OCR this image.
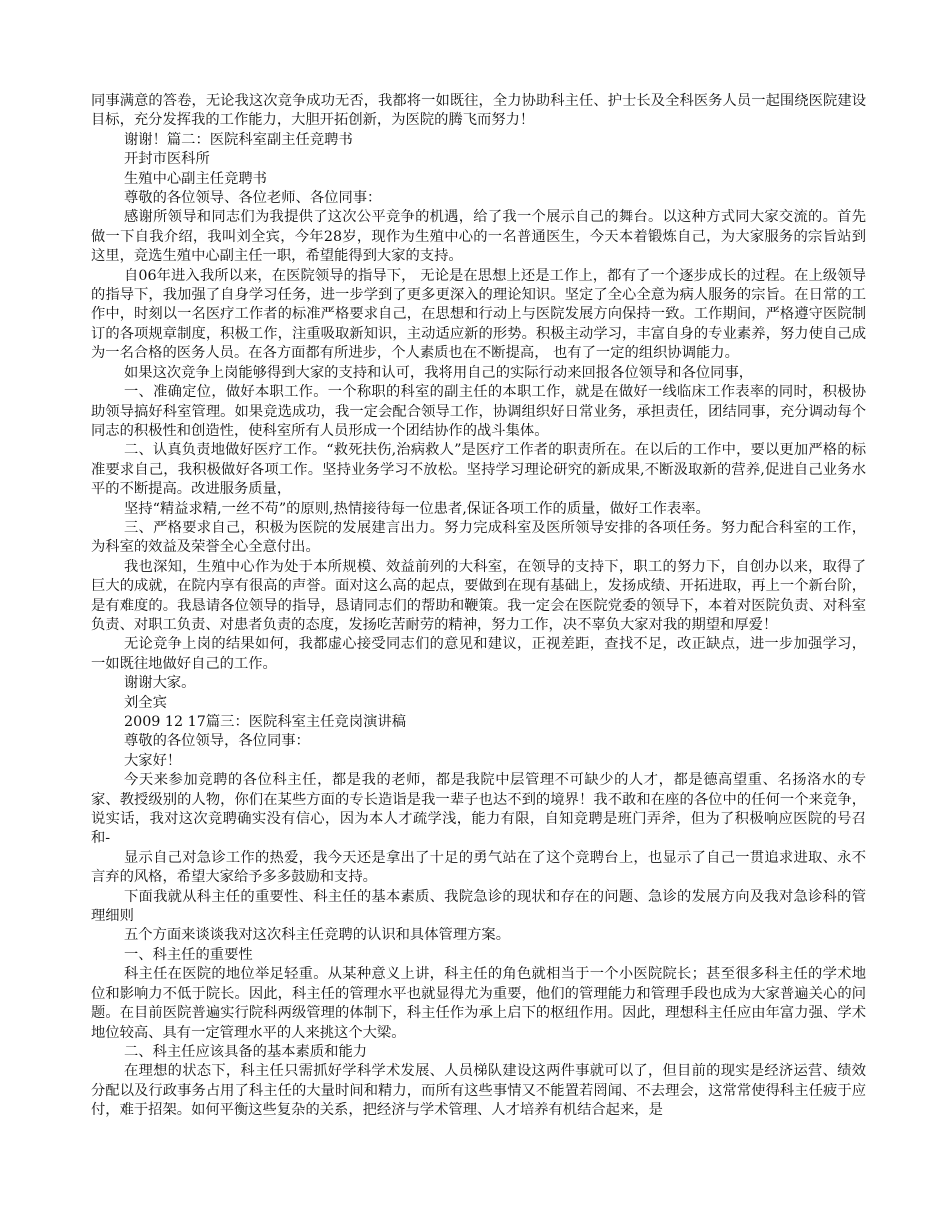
同事满意的答卷，无论我这次竞争成功无否，我都将一如既往，全力协助科主任、护士长及全科医务人员一起围绕医院建设目标，充分发挥我的工作能力，大胆开拓创新，为医院的腾飞而努力！

谢谢！篇二：医院科室副主任竞聘书

开封市医科所

生殖中心副主任竞聘书

尊敬的各位领导、各位老师、各位同事：

感谢所领导和同志们为我提供了这次公平竞争的机遇，给了我一个展示自己的舞台。以这种方式同大家交流的。首先做一下自我介绍，我叫刘全宾，今年28岁，现作为生殖中心的一名普通医生，今天本着锻炼自己，为大家服务的宗旨站到这里，竞选生殖中心副主任一职，希望能得到大家的支持。

自06年进入我所以来，在医院领导的指导下， 无论是在思想上还是工作上，都有了一个逐步成长的过程。在上级领导的指导下，我加强了自身学习任务，进一步学到了更多更深入的理论知识。坚定了全心全意为病人服务的宗旨。在日常的工作中，时刻以一名医疗工作者的标准严格要求自己，在思想和行动上与医院发展方向保持一致。工作期间，严格遵守医院制订的各项规章制度，积极工作，注重吸取新知识，主动适应新的形势。积极主动学习，丰富自身的专业素养，努力使自己成为一名合格的医务人员。在各方面都有所进步，个人素质也在不断提高， 也有了一定的组织协调能力。

如果这次竞争上岗能够得到大家的支持和认可，我将用自己的实际行动来回报各位领导和各位同事，

一、准确定位，做好本职工作。一个称职的科室的副主任的本职工作，就是在做好一线临床工作表率的同时，积极协助领导搞好科室管理。如果竞选成功，我一定会配合领导工作，协调组织好日常业务，承担责任，团结同事，充分调动每个同志的积极性和创造性，使科室所有人员形成一个团结协作的战斗集体。

二、认真负责地做好医疗工作。“救死扶伤,治病救人”是医疗工作者的职责所在。在以后的工作中，要以更加严格的标准要求自己，我积极做好各项工作。坚持业务学习不放松。坚持学习理论研究的新成果,不断汲取新的营养,促进自己业务水平的不断提高。改进服务质量，

坚持“精益求精,一丝不苟”的原则,热情接待每一位患者,保证各项工作的质量，做好工作表率。

三、严格要求自己，积极为医院的发展建言出力。努力完成科室及医所领导安排的各项任务。努力配合科室的工作，为科室的效益及荣誉全心全意付出。

我也深知，生殖中心作为处于本所规模、效益前列的大科室，在领导的支持下，职工的努力下，自创办以来，取得了巨大的成就，在院内享有很高的声誉。面对这么高的起点，要做到在现有基础上，发扬成绩、开拓进取，再上一个新台阶，是有难度的。我恳请各位领导的指导，恳请同志们的帮助和鞭策。我一定会在医院党委的领导下，本着对医院负责、对科室负责、对职工负责、对患者负责的态度，发扬吃苦耐劳的精神，努力工作，决不辜负大家对我的期望和厚爱！

无论竞争上岗的结果如何，我都虚心接受同志们的意见和建议，正视差距，查找不足，改正缺点，进一步加强学习，一如既往地做好自己的工作。

谢谢大家。

刘全宾

2009 12 17篇三：医院科室主任竞岗演讲稿

尊敬的各位领导，各位同事：

大家好！

今天来参加竞聘的各位科主任，都是我的老师，都是我院中层管理不可缺少的人才，都是德高望重、名扬洛水的专家、教授级别的人物，你们在某些方面的专长造诣是我一辈子也达不到的境界！我不敢和在座的各位中的任何一个来竞争，说实话，我对这次竞聘确实没有信心，因为本人才疏学浅，能力有限，自知竞聘是班门弄斧，但为了积极响应医院的号召和-

显示自己对急诊工作的热爱，我今天还是拿出了十足的勇气站在了这个竞聘台上，也显示了自己一贯追求进取、永不言弃的风格，希望大家给予多多鼓励和支持。

下面我就从科主任的重要性、科主任的基本素质、我院急诊的现状和存在的问题、急诊的发展方向及我对急诊科的管理细则

五个方面来谈谈我对这次科主任竞聘的认识和具体管理方案。

一、科主任的重要性

科主任在医院的地位举足轻重。从某种意义上讲，科主任的角色就相当于一个小医院院长；甚至很多科主任的学术地位和影响力不低于院长。因此，科主任的管理水平也就显得尤为重要，他们的管理能力和管理手段也成为大家普遍关心的问题。在目前医院普遍实行院科两级管理的体制下，科主任作为承上启下的枢纽作用。因此，理想科主任应由年富力强、学术地位较高、具有一定管理水平的人来挑这个大梁。

二、科主任应该具备的基本素质和能力

在理想的状态下，科主任只需抓好学科学术发展、人员梯队建设这两件事就可以了，但目前的现实是经济运营、绩效分配以及行政事务占用了科主任的大量时间和精力，而所有这些事情又不能置若罔闻、不去理会，这常常使得科主任疲于应付，难于招架。如何平衡这些复杂的关系，把经济与学术管理、人才培养有机结合起来，是
